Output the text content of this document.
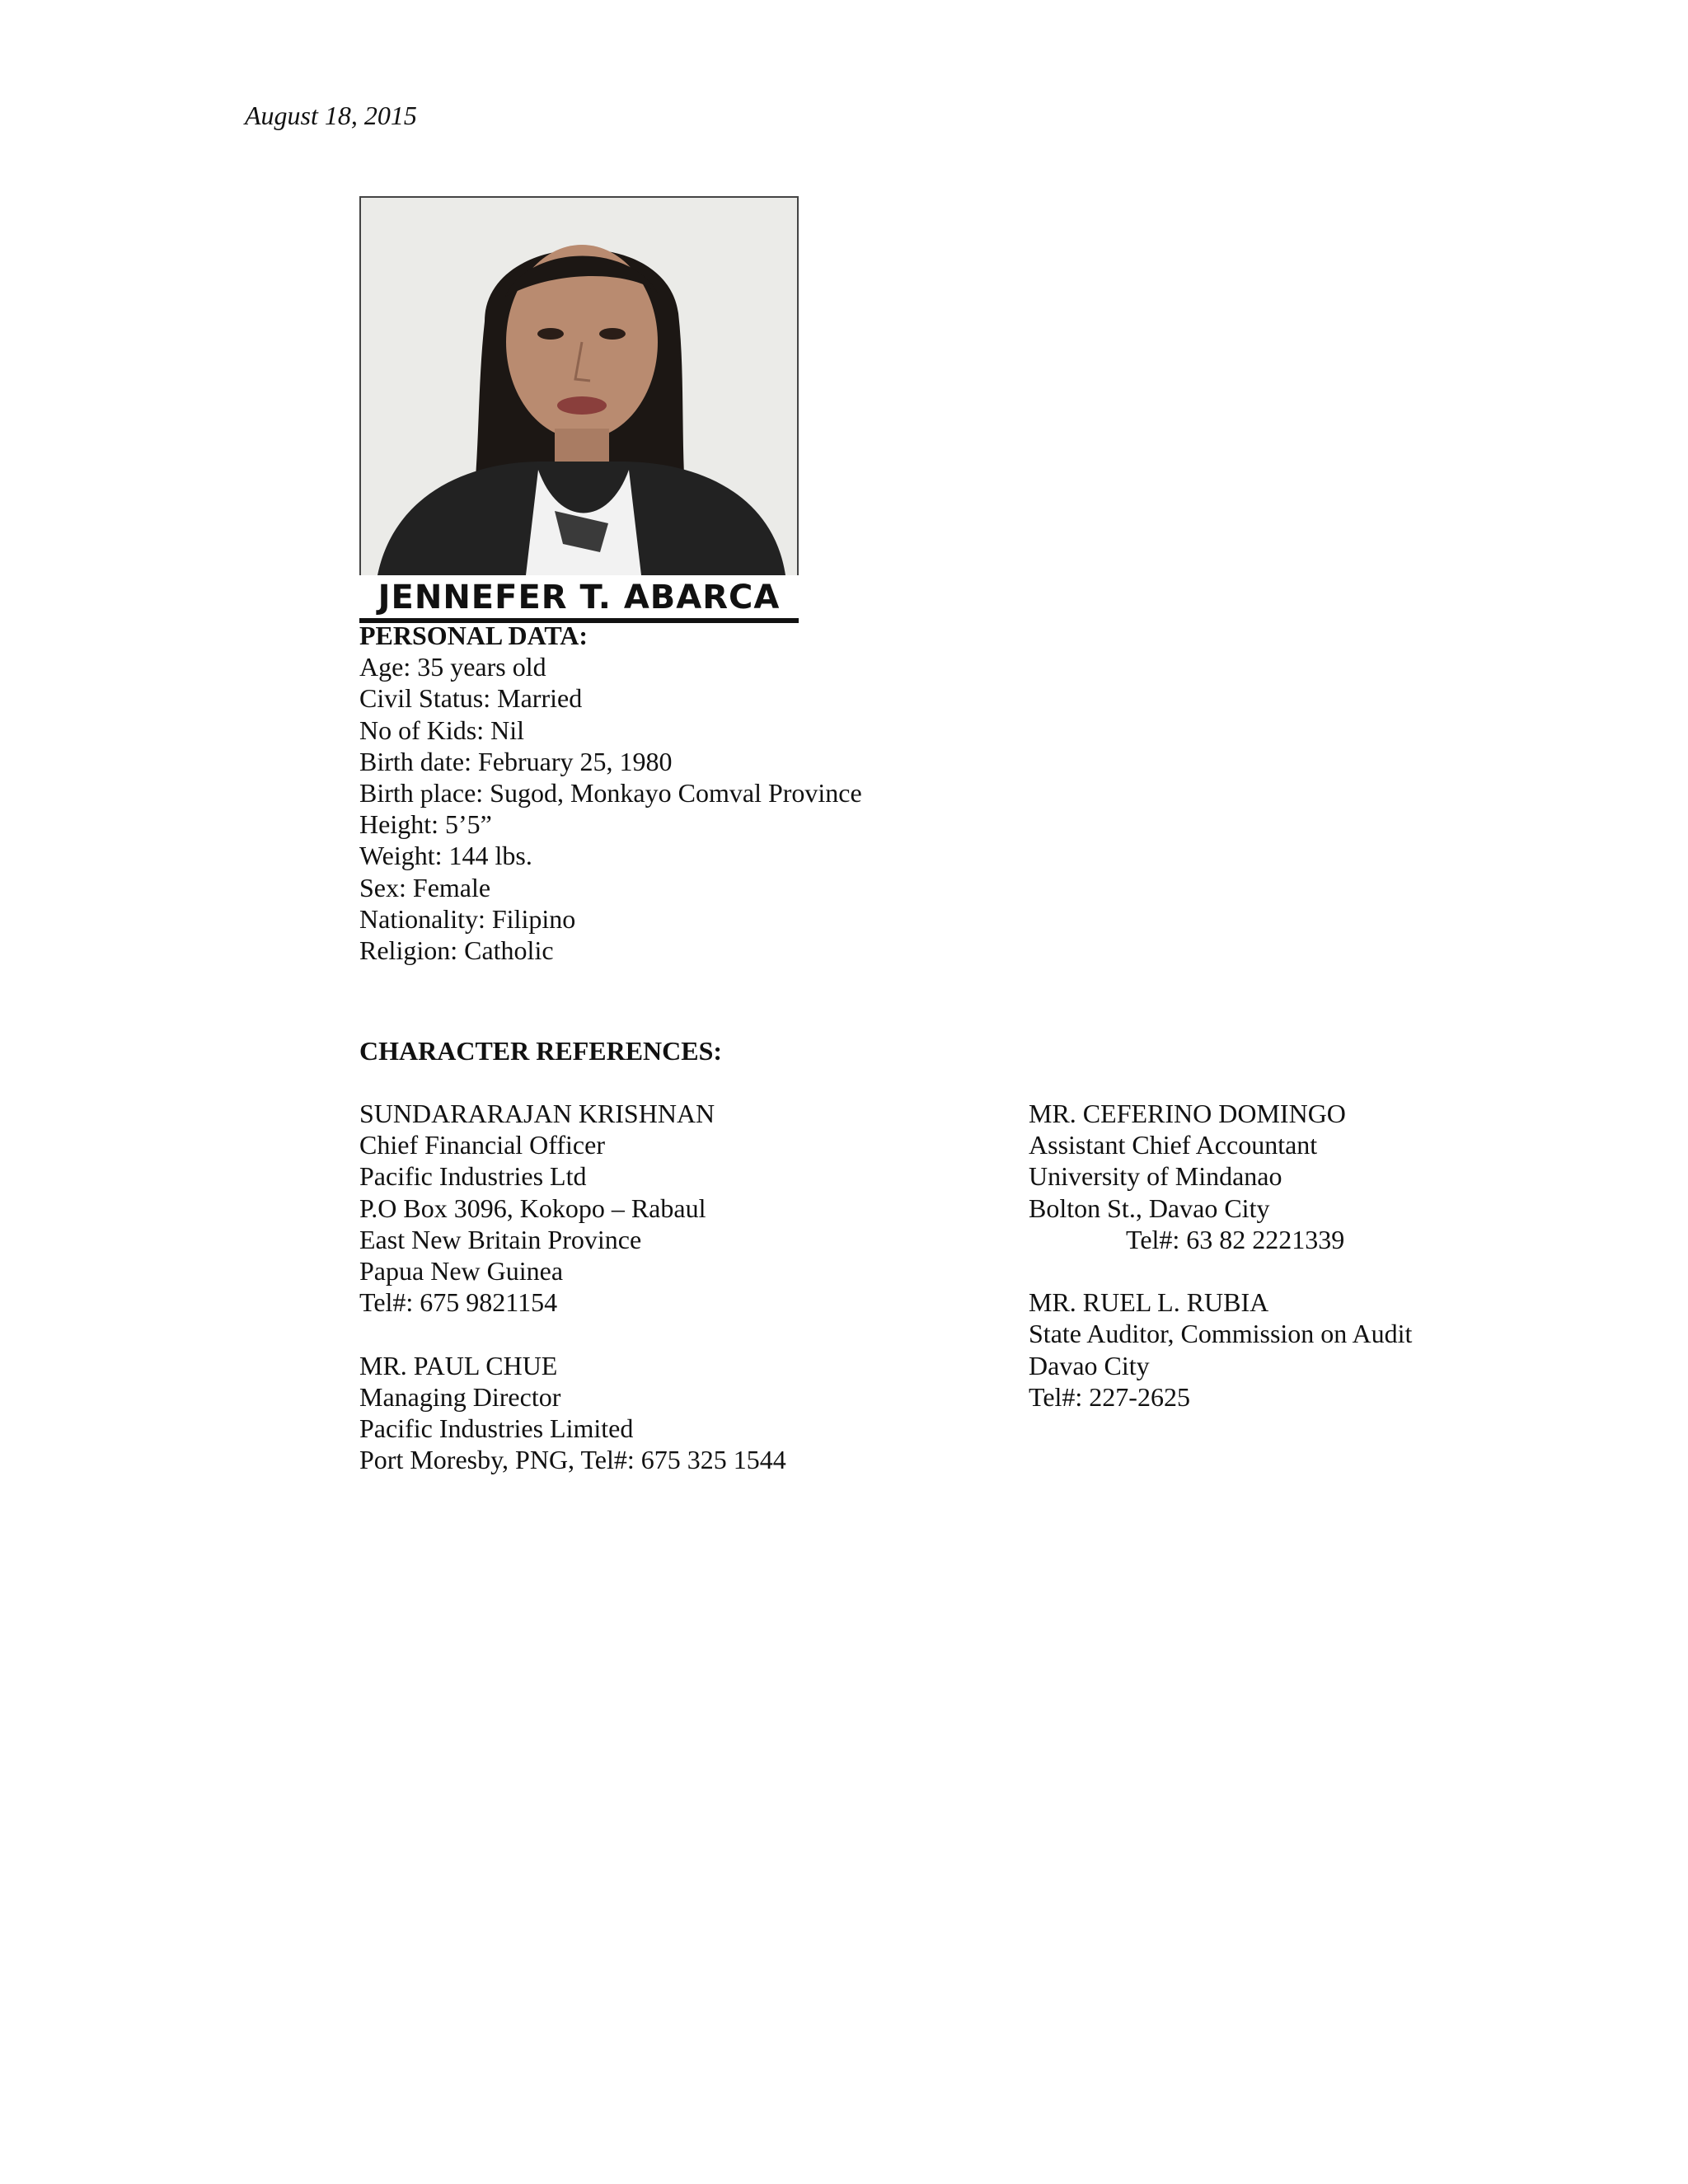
August 18, 2015
JENNEFER T. ABARCA
PERSONAL DATA:
Age: 35 years old
Civil Status: Married
No of Kids: Nil
Birth date: February 25, 1980
Birth place: Sugod, Monkayo Comval Province
Height: 5’5”
Weight: 144 lbs.
Sex: Female
Nationality: Filipino
Religion: Catholic
CHARACTER REFERENCES:
SUNDARARAJAN KRISHNAN
Chief Financial Officer
Pacific Industries Ltd
P.O Box 3096, Kokopo – Rabaul
East New Britain Province
Papua New Guinea
Tel#: 675 9821154
MR. PAUL CHUE
Managing Director
Pacific Industries Limited
Port Moresby, PNG, Tel#: 675 325 1544
MR. CEFERINO DOMINGO
Assistant Chief Accountant
University of Mindanao
Bolton St., Davao City
Tel#: 63 82 2221339
MR. RUEL L. RUBIA
State Auditor, Commission on Audit
Davao City
Tel#: 227-2625
